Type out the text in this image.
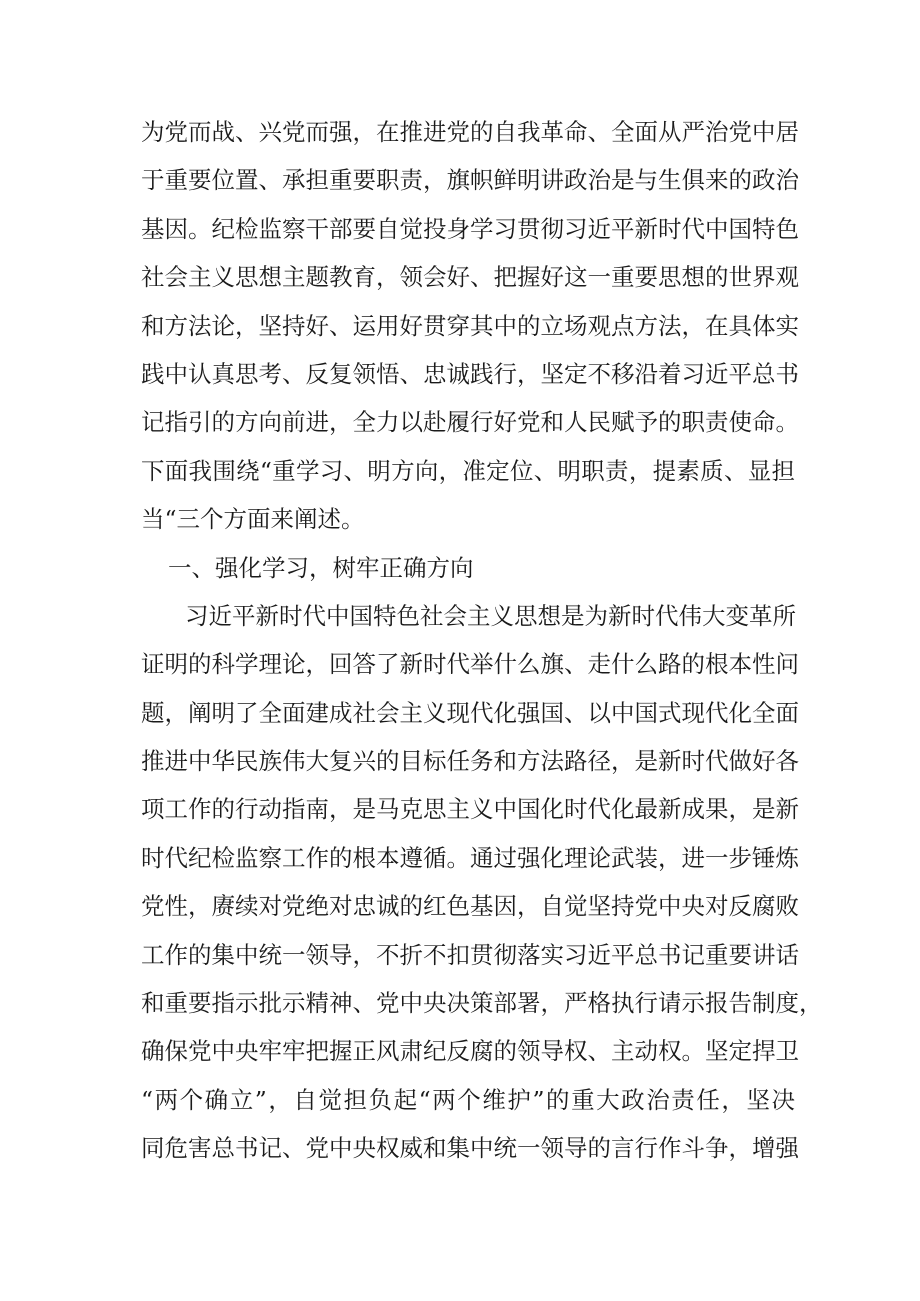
为党而战、兴党而强，在推进党的自我革命、全面从严治党中居
于重要位置、承担重要职责，旗帜鲜明讲政治是与生俱来的政治
基因。纪检监察干部要自觉投身学习贯彻习近平新时代中国特色
社会主义思想主题教育，领会好、把握好这一重要思想的世界观
和方法论，坚持好、运用好贯穿其中的立场观点方法，在具体实
践中认真思考、反复领悟、忠诚践行，坚定不移沿着习近平总书
记指引的方向前进，全力以赴履行好党和人民赋予的职责使命。
下面我围绕“重学习、明方向，准定位、明职责，提素质、显担
当“三个方面来阐述。
一、强化学习，树牢正确方向
习近平新时代中国特色社会主义思想是为新时代伟大变革所
证明的科学理论，回答了新时代举什么旗、走什么路的根本性问
题，阐明了全面建成社会主义现代化强国、以中国式现代化全面
推进中华民族伟大复兴的目标任务和方法路径，是新时代做好各
项工作的行动指南，是马克思主义中国化时代化最新成果，是新
时代纪检监察工作的根本遵循。通过强化理论武装，进一步锤炼
党性，赓续对党绝对忠诚的红色基因，自觉坚持党中央对反腐败
工作的集中统一领导，不折不扣贯彻落实习近平总书记重要讲话
和重要指示批示精神、党中央决策部署，严格执行请示报告制度，
确保党中央牢牢把握正风肃纪反腐的领导权、主动权。坚定捍卫
“两个确立”，自觉担负起“两个维护”的重大政治责任，坚决
同危害总书记、党中央权威和集中统一领导的言行作斗争，增强
